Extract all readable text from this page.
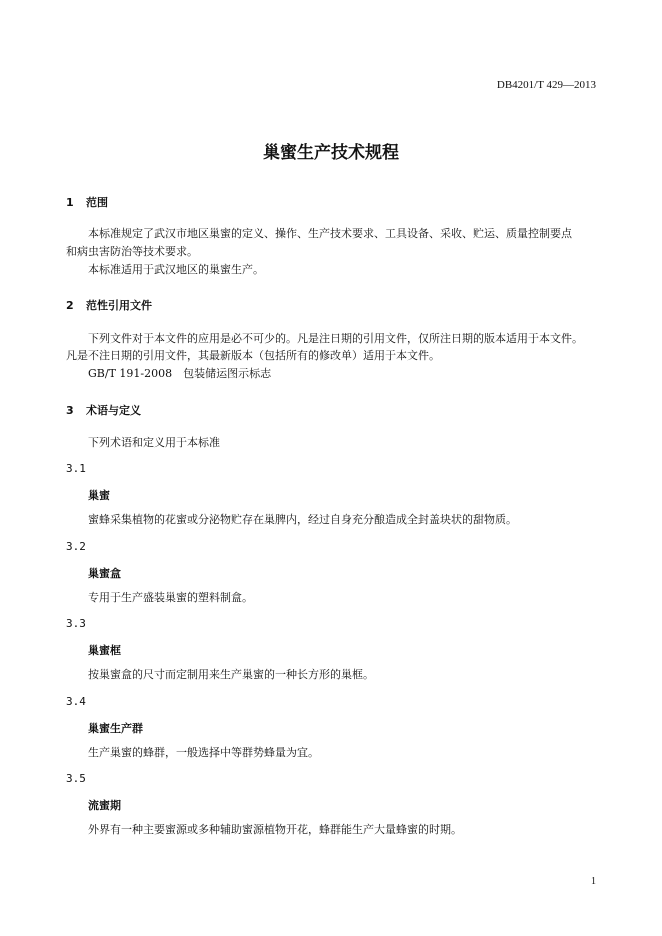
DB4201/T 429—2013
巢蜜生产技术规程
1 范围
本标准规定了武汉市地区巢蜜的定义、操作、生产技术要求、工具设备、采收、贮运、质量控制要点
和病虫害防治等技术要求。
本标准适用于武汉地区的巢蜜生产。
2 范性引用文件
下列文件对于本文件的应用是必不可少的。凡是注日期的引用文件，仅所注日期的版本适用于本文件。
凡是不注日期的引用文件，其最新版本（包括所有的修改单）适用于本文件。
GB/T 191-2008　包装储运图示标志
3 术语与定义
下列术语和定义用于本标准
3.1
巢蜜
蜜蜂采集植物的花蜜或分泌物贮存在巢脾内，经过自身充分酿造成全封盖块状的甜物质。
3.2
巢蜜盒
专用于生产盛装巢蜜的塑料制盒。
3.3
巢蜜框
按巢蜜盒的尺寸而定制用来生产巢蜜的一种长方形的巢框。
3.4
巢蜜生产群
生产巢蜜的蜂群，一般选择中等群势蜂量为宜。
3.5
流蜜期
外界有一种主要蜜源或多种辅助蜜源植物开花，蜂群能生产大量蜂蜜的时期。
1
